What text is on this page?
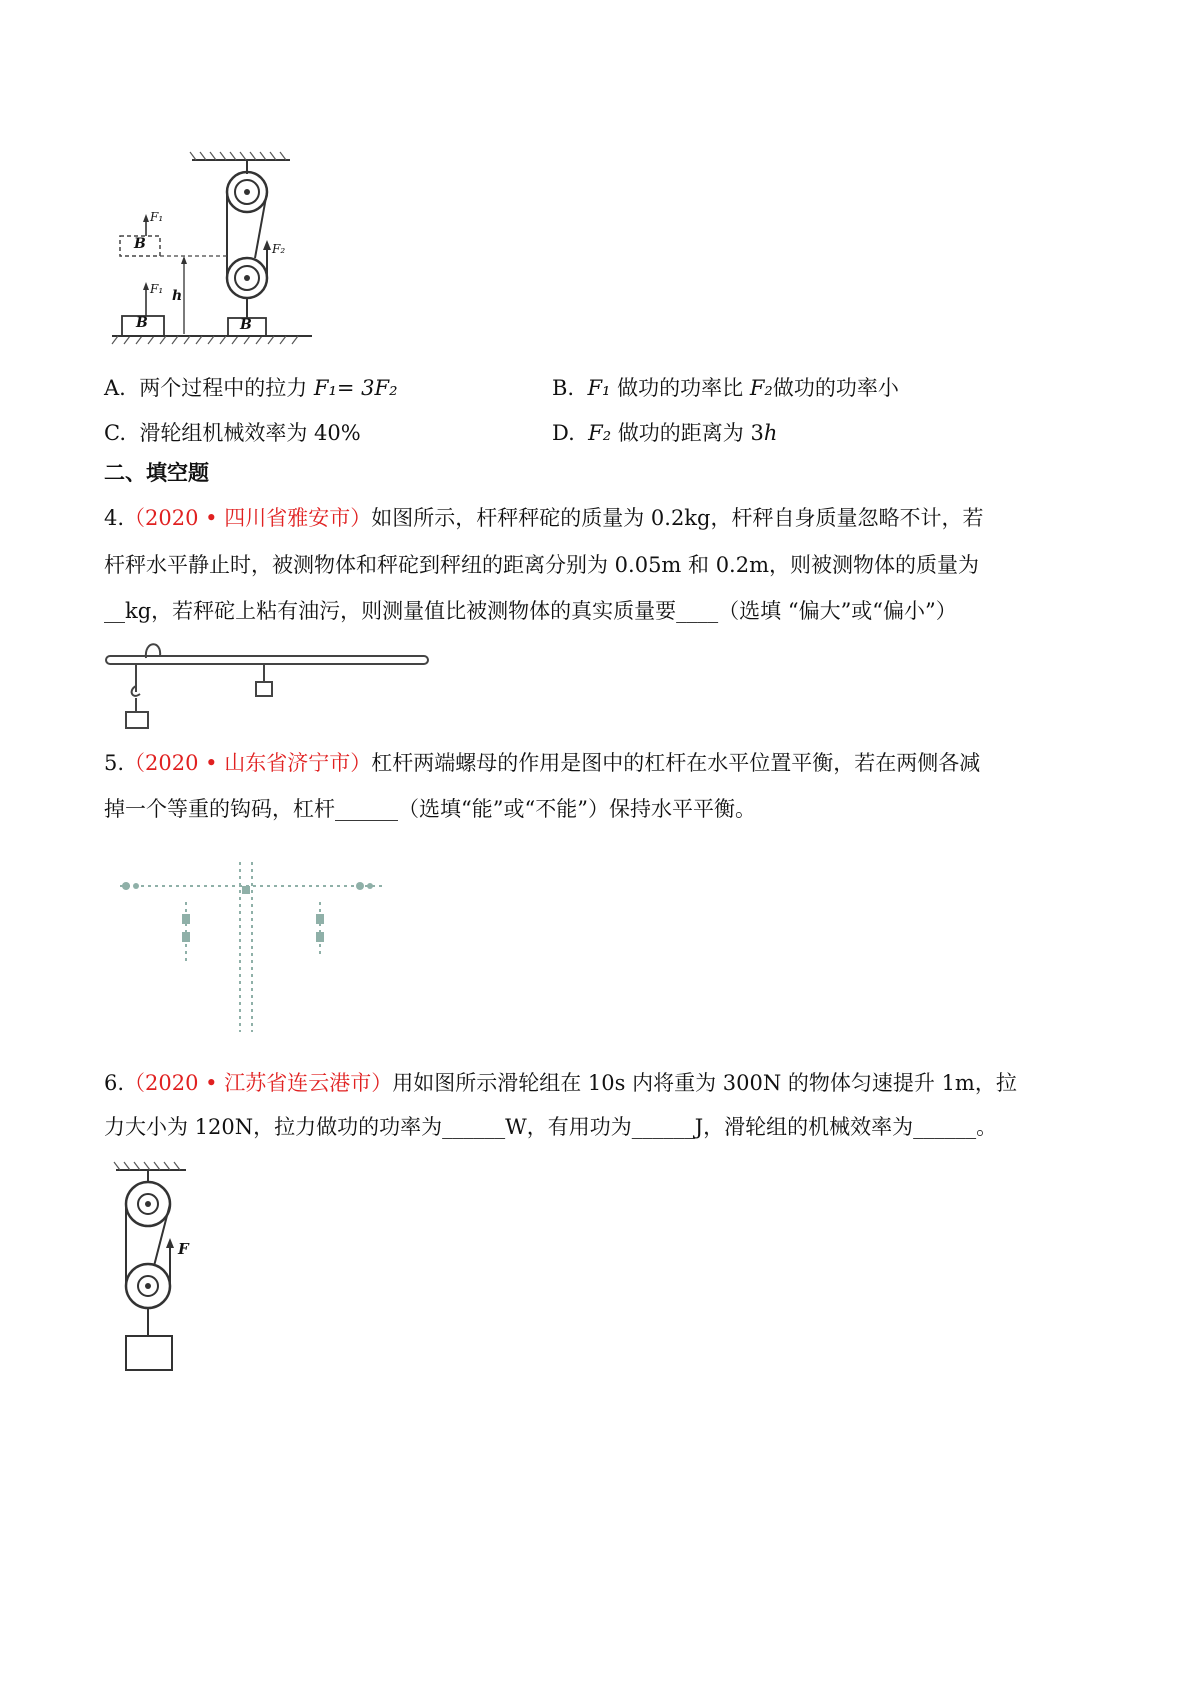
B
B	B
F₁
F₁
F₂
h
A. 两个过程中的拉力 F₁= 3F₂	B. F₁ 做功的功率比 F₂做功的功率小
C. 滑轮组机械效率为 40%	D. F₂ 做功的距离为 3h
二、填空题
4.（2020 • 四川省雅安市）如图所示，杆秤秤砣的质量为 0.2kg，杆秤自身质量忽略不计，若
杆秤水平静止时，被测物体和秤砣到秤纽的距离分别为 0.05m 和 0.2m，则被测物体的质量为
__kg，若秤砣上粘有油污，则测量值比被测物体的真实质量要____（选填 “偏大”或“偏小”）
5.（2020 • 山东省济宁市）杠杆两端螺母的作用是图中的杠杆在水平位置平衡，若在两侧各减
掉一个等重的钩码，杠杆______（选填“能”或“不能”）保持水平平衡。
6.（2020 • 江苏省连云港市）用如图所示滑轮组在 10s 内将重为 300N 的物体匀速提升 1m，拉
力大小为 120N，拉力做功的功率为______W，有用功为______J，滑轮组的机械效率为______。
F
